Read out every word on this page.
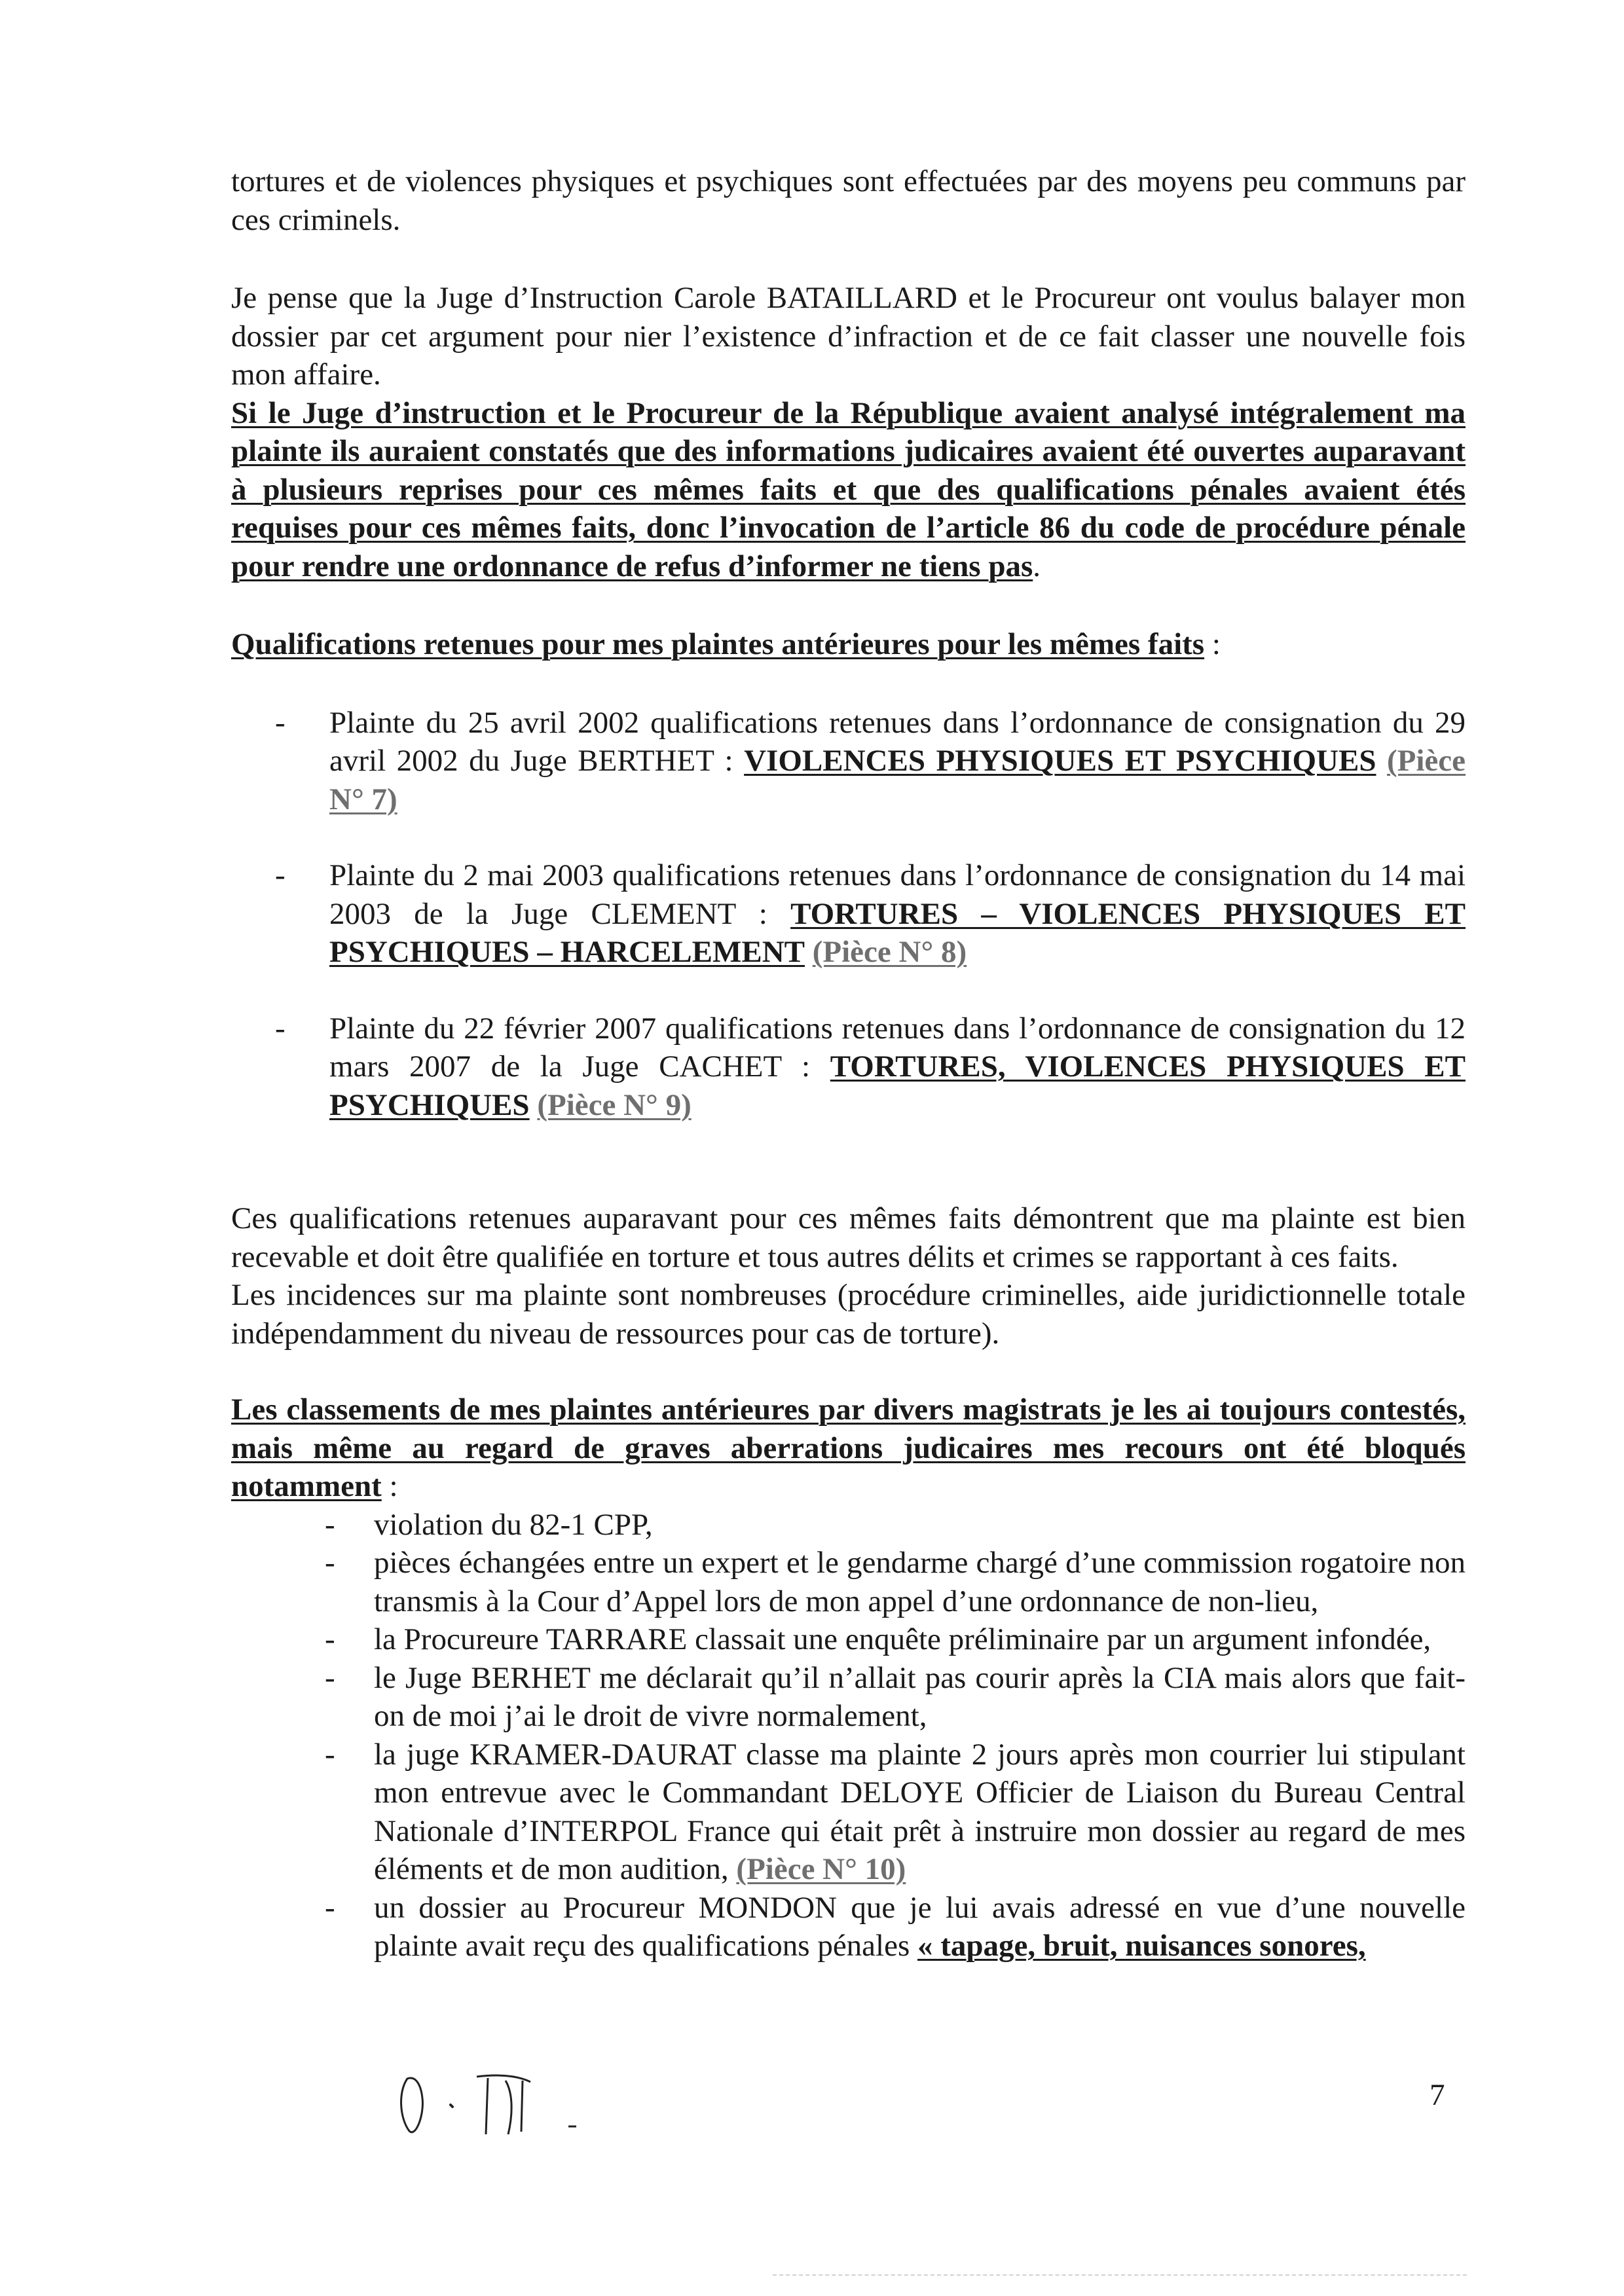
tortures et de violences physiques et psychiques sont effectuées par des moyens peu communs par ces criminels.

Je pense que la Juge d’Instruction Carole BATAILLARD et le Procureur ont voulus balayer mon dossier par cet argument pour nier l’existence d’infraction et de ce fait classer une nouvelle fois mon affaire.

Si le Juge d’instruction et le Procureur de la République avaient analysé intégralement ma plainte ils auraient constatés que des informations judicaires avaient été ouvertes auparavant à plusieurs reprises pour ces mêmes faits et que des qualifications pénales avaient étés requises pour ces mêmes faits, donc l’invocation de l’article 86 du code de procédure pénale pour rendre une ordonnance de refus d’informer ne tiens pas.

Qualifications retenues pour mes plaintes antérieures pour les mêmes faits :

- Plainte du 25 avril 2002 qualifications retenues dans l’ordonnance de consignation du 29 avril 2002 du Juge BERTHET : VIOLENCES PHYSIQUES ET PSYCHIQUES (Pièce N° 7)
- Plainte du 2 mai 2003 qualifications retenues dans l’ordonnance de consignation du 14 mai 2003 de la Juge CLEMENT : TORTURES – VIOLENCES PHYSIQUES ET PSYCHIQUES – HARCELEMENT (Pièce N° 8)
- Plainte du 22 février 2007 qualifications retenues dans l’ordonnance de consignation du 12 mars 2007 de la Juge CACHET : TORTURES, VIOLENCES PHYSIQUES ET PSYCHIQUES (Pièce N° 9)

Ces qualifications retenues auparavant pour ces mêmes faits démontrent que ma plainte est bien recevable et doit être qualifiée en torture et tous autres délits et crimes se rapportant à ces faits.

Les incidences sur ma plainte sont nombreuses (procédure criminelles, aide juridictionnelle totale indépendamment du niveau de ressources pour cas de torture).

Les classements de mes plaintes antérieures par divers magistrats je les ai toujours contestés, mais même au regard de graves aberrations judicaires mes recours ont été bloqués notamment :

- violation du 82-1 CPP,
- pièces échangées entre un expert et le gendarme chargé d’une commission rogatoire non transmis à la Cour d’Appel lors de mon appel d’une ordonnance de non-lieu,
- la Procureure TARRARE classait une enquête préliminaire par un argument infondée,
- le Juge BERHET me déclarait qu’il n’allait pas courir après la CIA mais alors que fait-on de moi j’ai le droit de vivre normalement,
- la juge KRAMER-DAURAT classe ma plainte 2 jours après mon courrier lui stipulant mon entrevue avec le Commandant DELOYE Officier de Liaison du Bureau Central Nationale d’INTERPOL France qui était prêt à instruire mon dossier au regard de mes éléments et de mon audition, (Pièce N° 10)
- un dossier au Procureur MONDON que je lui avais adressé en vue d’une nouvelle plainte avait reçu des qualifications pénales « tapage, bruit, nuisances sonores,
7
